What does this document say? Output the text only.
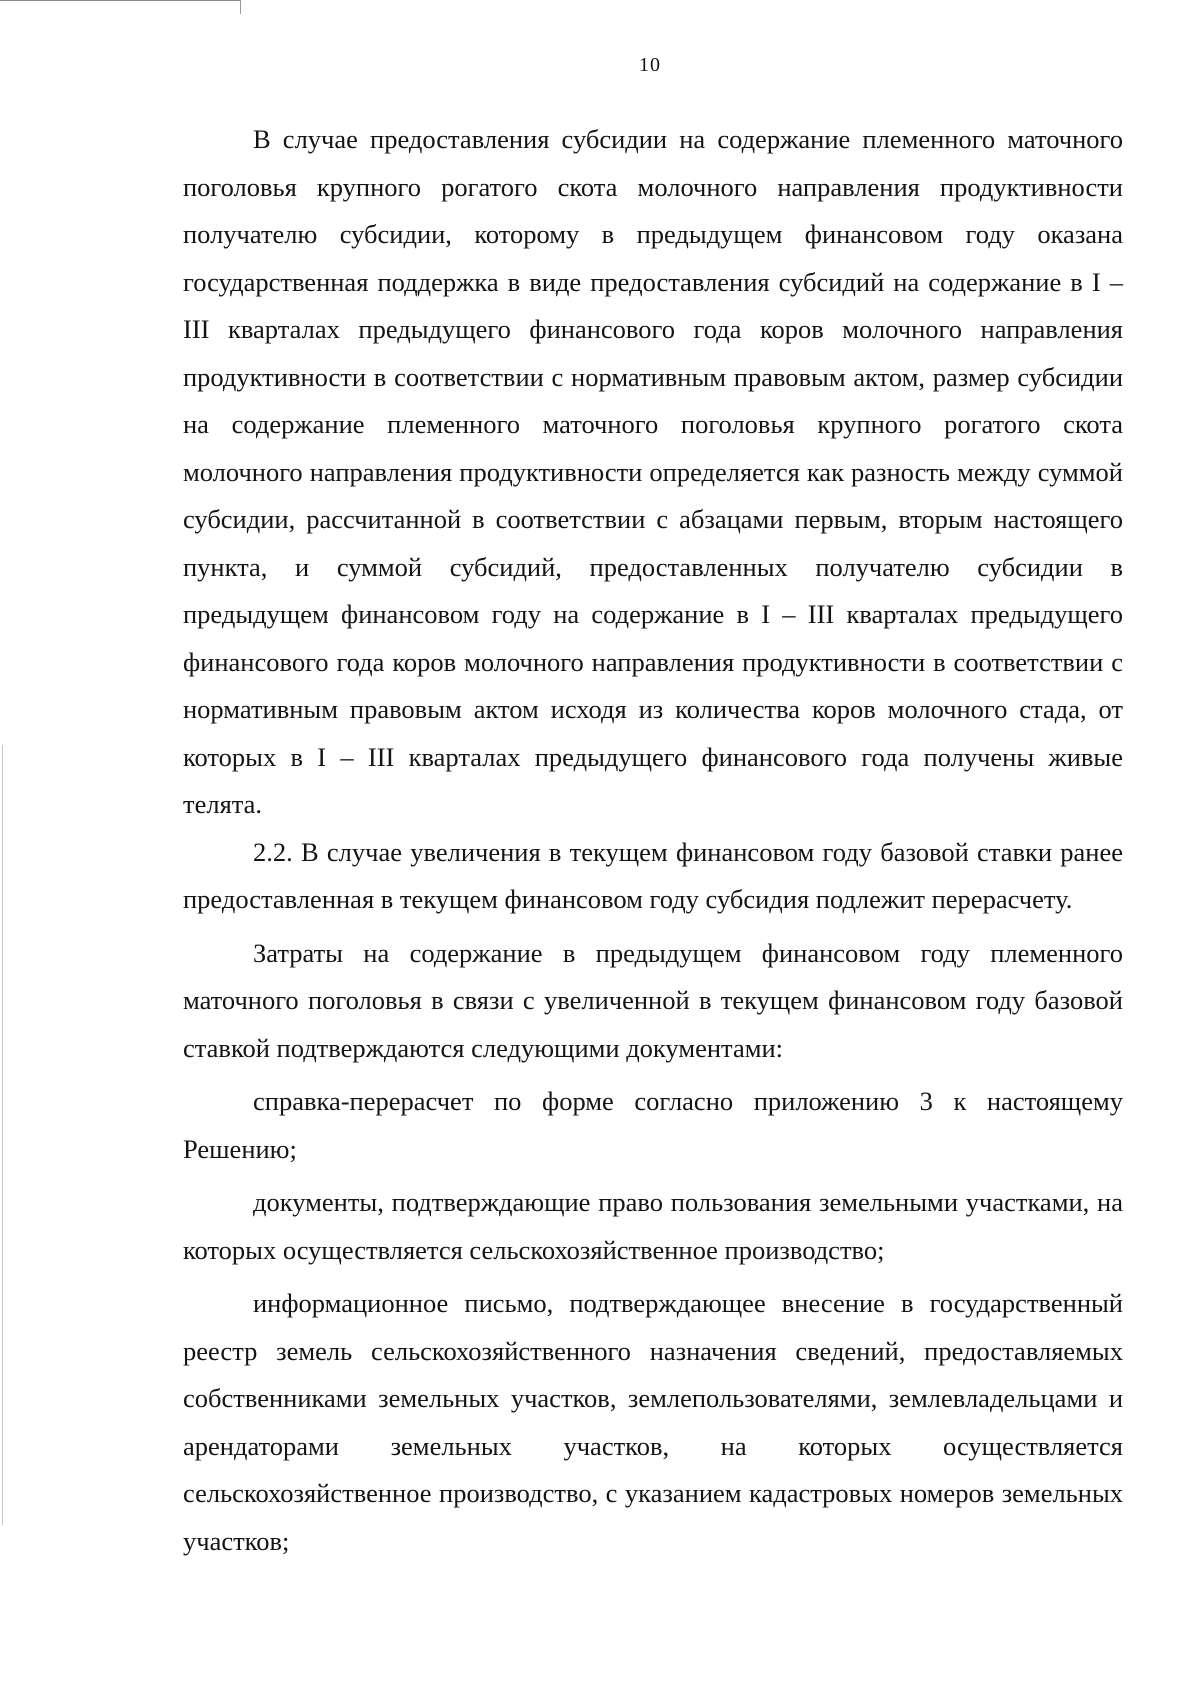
10

В случае предоставления субсидии на содержание племенного маточного поголовья крупного рогатого скота молочного направления продуктивности получателю субсидии, которому в предыдущем финансовом году оказана государственная поддержка в виде предоставления субсидий на содержание в I – III кварталах предыдущего финансового года коров молочного направления продуктивности в соответствии с нормативным правовым актом, размер субсидии на содержание племенного маточного поголовья крупного рогатого скота молочного направления продуктивности определяется как разность между суммой субсидии, рассчитанной в соответствии с абзацами первым, вторым настоящего пункта, и суммой субсидий, предоставленных получателю субсидии в предыдущем финансовом году на содержание в I – III кварталах предыдущего финансового года коров молочного направления продуктивности в соответствии с нормативным правовым актом исходя из количества коров молочного стада, от которых в I – III кварталах предыдущего финансового года получены живые телята.

2.2. В случае увеличения в текущем финансовом году базовой ставки ранее предоставленная в текущем финансовом году субсидия подлежит перерасчету.

Затраты на содержание в предыдущем финансовом году племенного маточного поголовья в связи с увеличенной в текущем финансовом году базовой ставкой подтверждаются следующими документами:

справка-перерасчет по форме согласно приложению 3 к настоящему Решению;

документы, подтверждающие право пользования земельными участками, на которых осуществляется сельскохозяйственное производство;

информационное письмо, подтверждающее внесение в государственный реестр земель сельскохозяйственного назначения сведений, предоставляемых собственниками земельных участков, землепользователями, землевладельцами и арендаторами земельных участков, на которых осуществляется сельскохозяйственное производство, с указанием кадастровых номеров земельных участков;
